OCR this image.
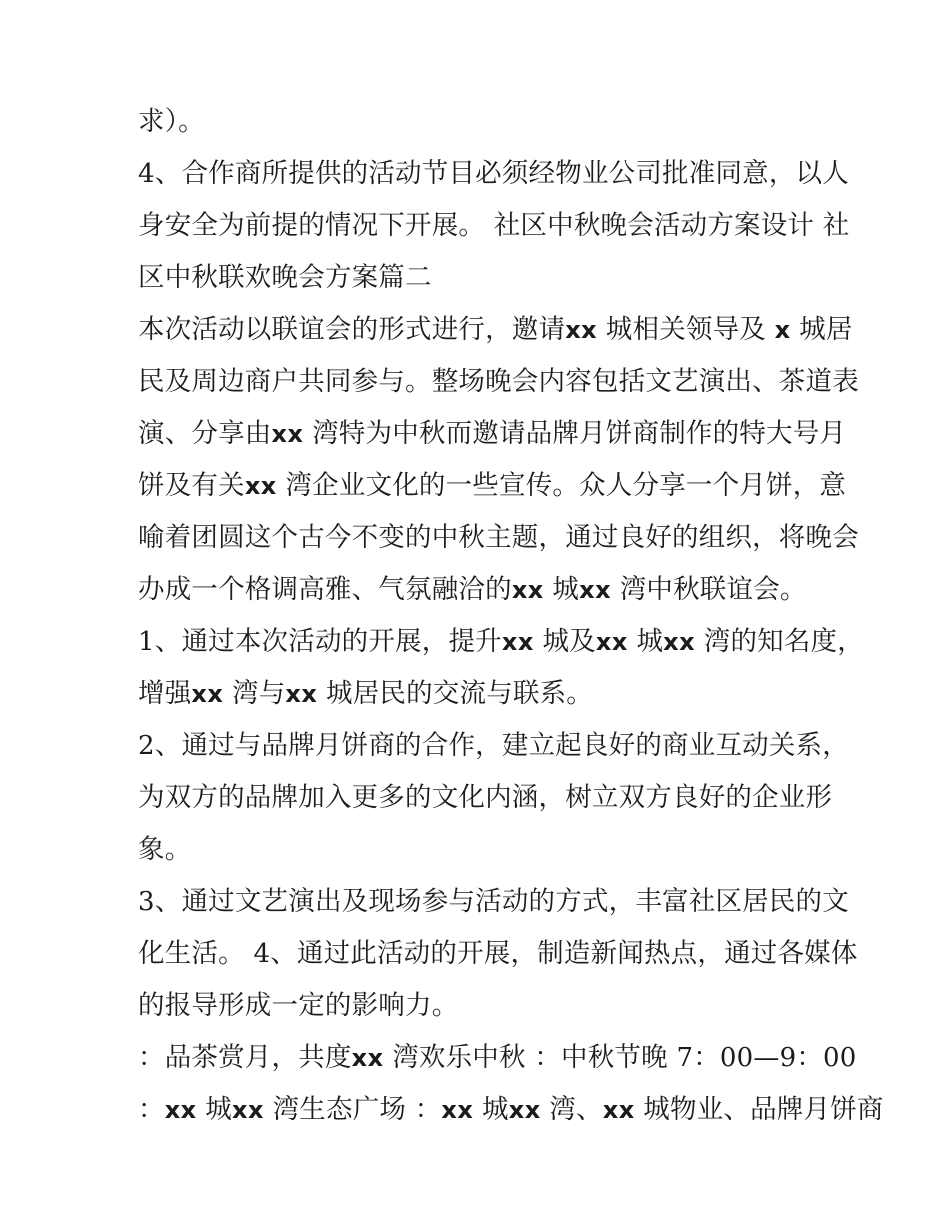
求）。
4、合作商所提供的活动节目必须经物业公司批准同意，以人
身安全为前提的情况下开展。 社区中秋晚会活动方案设计 社
区中秋联欢晚会方案篇二
本次活动以联谊会的形式进行，邀请xx 城相关领导及 x 城居
民及周边商户共同参与。整场晚会内容包括文艺演出、茶道表
演、分享由xx 湾特为中秋而邀请品牌月饼商制作的特大号月
饼及有关xx 湾企业文化的一些宣传。众人分享一个月饼，意
喻着团圆这个古今不变的中秋主题，通过良好的组织，将晚会
办成一个格调高雅、气氛融洽的xx 城xx 湾中秋联谊会。
1、通过本次活动的开展，提升xx 城及xx 城xx 湾的知名度，
增强xx 湾与xx 城居民的交流与联系。
2、通过与品牌月饼商的合作，建立起良好的商业互动关系，
为双方的品牌加入更多的文化内涵，树立双方良好的企业形
象。
3、通过文艺演出及现场参与活动的方式，丰富社区居民的文
化生活。 4、通过此活动的开展，制造新闻热点，通过各媒体
的报导形成一定的影响力。
：品茶赏月，共度xx 湾欢乐中秋 ：中秋节晚 7：00—9：00
：xx 城xx 湾生态广场 ：xx 城xx 湾、xx 城物业、品牌月饼商
